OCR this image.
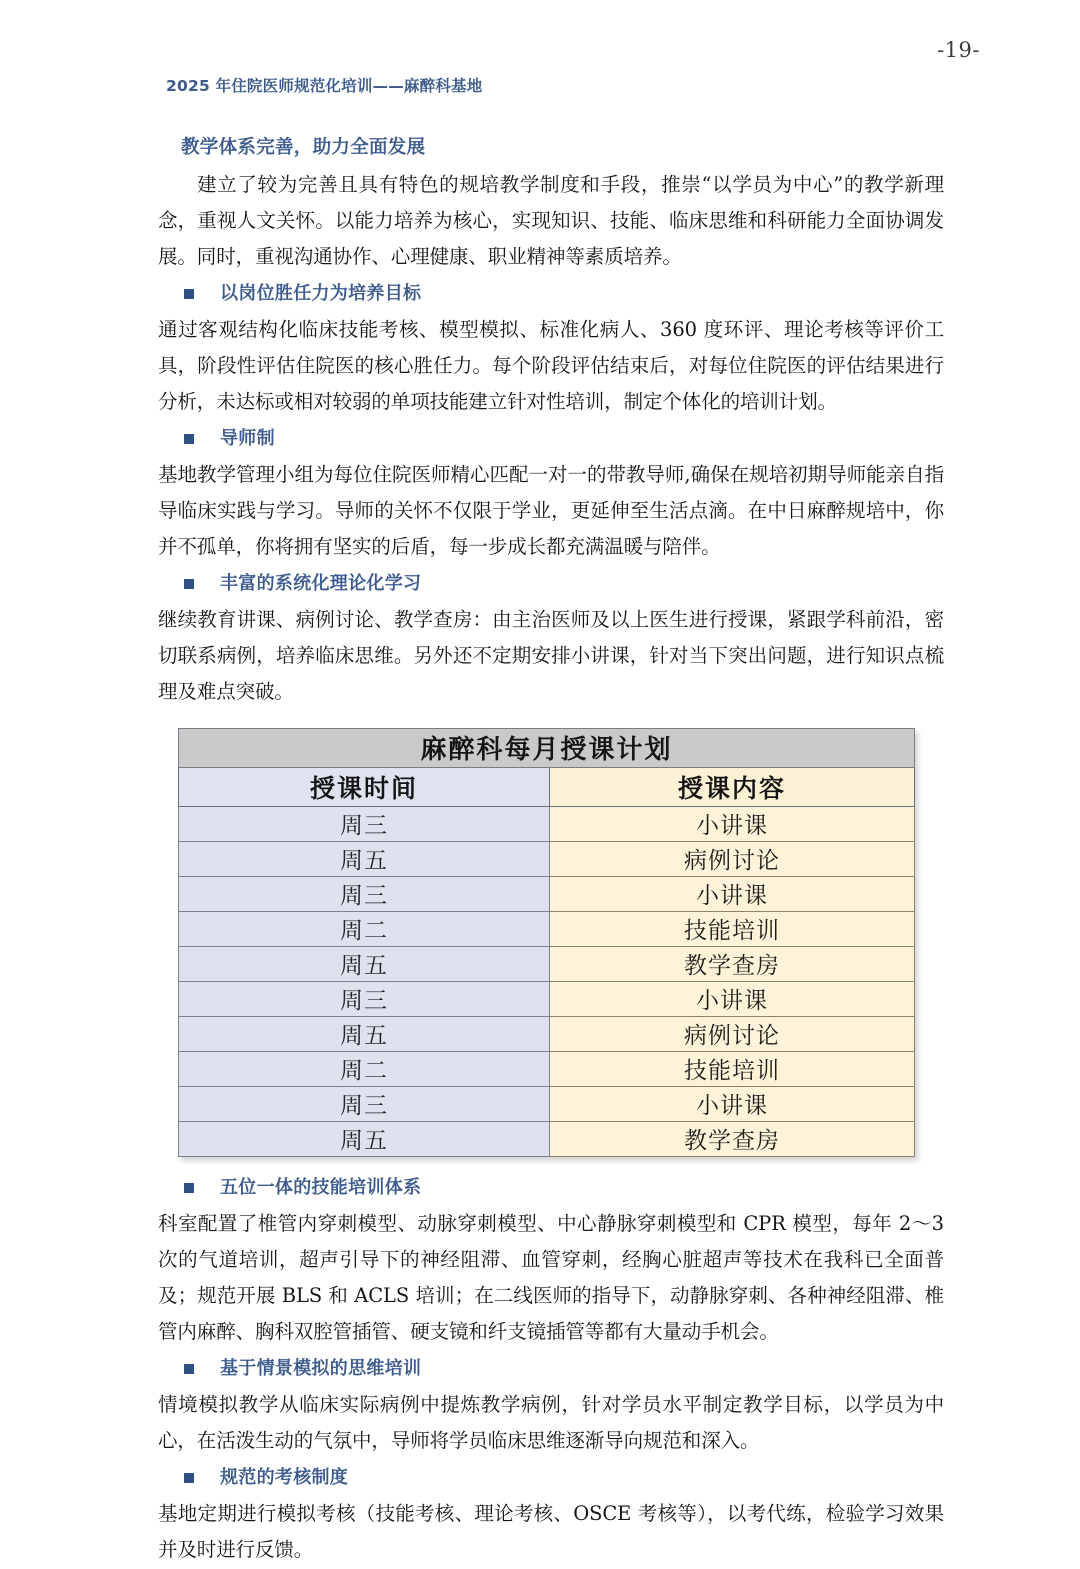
-19-
2025 年住院医师规范化培训——麻醉科基地
教学体系完善，助力全面发展

建立了较为完善且具有特色的规培教学制度和手段，推崇“以学员为中心”的教学新理念，重视人文关怀。以能力培养为核心，实现知识、技能、临床思维和科研能力全面协调发展。同时，重视沟通协作、心理健康、职业精神等素质培养。

以岗位胜任力为培养目标

通过客观结构化临床技能考核、模型模拟、标准化病人、360 度环评、理论考核等评价工具，阶段性评估住院医的核心胜任力。每个阶段评估结束后，对每位住院医的评估结果进行分析，未达标或相对较弱的单项技能建立针对性培训，制定个体化的培训计划。

导师制

基地教学管理小组为每位住院医师精心匹配一对一的带教导师,确保在规培初期导师能亲自指导临床实践与学习。导师的关怀不仅限于学业，更延伸至生活点滴。在中日麻醉规培中，你并不孤单，你将拥有坚实的后盾，每一步成长都充满温暖与陪伴。

丰富的系统化理论化学习

继续教育讲课、病例讨论、教学查房：由主治医师及以上医生进行授课，紧跟学科前沿，密切联系病例，培养临床思维。另外还不定期安排小讲课，针对当下突出问题，进行知识点梳理及难点突破。

麻醉科每月授课计划	
授课时间	授课内容
周三	小讲课
周五	病例讨论
周三	小讲课
周二	技能培训
周五	教学查房
周三	小讲课
周五	病例讨论
周二	技能培训
周三	小讲课
周五	教学查房
五位一体的技能培训体系

科室配置了椎管内穿刺模型、动脉穿刺模型、中心静脉穿刺模型和 CPR 模型，每年 2～3 次的气道培训，超声引导下的神经阻滞、血管穿刺，经胸心脏超声等技术在我科已全面普及；规范开展 BLS 和 ACLS 培训；在二线医师的指导下，动静脉穿刺、各种神经阻滞、椎管内麻醉、胸科双腔管插管、硬支镜和纤支镜插管等都有大量动手机会。

基于情景模拟的思维培训

情境模拟教学从临床实际病例中提炼教学病例，针对学员水平制定教学目标，以学员为中心，在活泼生动的气氛中，导师将学员临床思维逐渐导向规范和深入。

规范的考核制度

基地定期进行模拟考核（技能考核、理论考核、OSCE 考核等），以考代练，检验学习效果并及时进行反馈。
